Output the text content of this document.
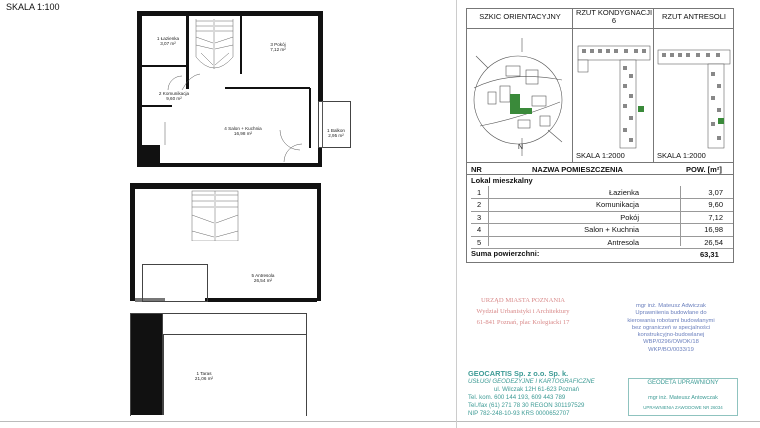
SKALA 1:100
1 Łazienka
3,07 m²
2 Komunikacja
9,60 m²
3 Pokój
7,12 m²
4 Salon + Kuchnia
16,98 m²
1 Balkon
2,95 m²
5 Antresola
26,54 m²
1 Taras
21,06 m²
SZKIC ORIENTACYJNY	RZUT KONDYGNACJI 6	RZUT ANTRESOLI
N
SKALA 1:2000	SKALA 1:2000
NR	NAZWA POMIESZCZENIA	POW. [m²]
Lokal mieszkalny
1	Łazienka	3,07
2	Komunikacja	9,60
3	Pokój	7,12
4	Salon + Kuchnia	16,98
5	Antresola	26,54
Suma powierzchni:	63,31
URZĄD MIASTA POZNANIA
Wydział Urbanistyki i Architektury
61-841 Poznań, plac Kolegiacki 17
mgr inż. Mateusz Adwiczak
Uprawniienia budowlane do
kierowania robotami budowlanymi
bez ograniczeń w specjalności
konstrukcyjno-budowlanej
WBP/0296/OWOK/18
WKP/BO/0033/19
GEOCARTIS Sp. z o.o. Sp. k.
USŁUGI GEODEZYJNE I KARTOGRAFICZNE
ul. Wilczak 12H 61-623 Poznań
Tel. kom. 600 144 193, 609 443 789
Tel./fax (61) 271 78 30 REGON 301197529
NIP 782-248-10-93 KRS 0000652707
GEODETA UPRAWNIONY
mgr inż. Mateusz Antowczak
UPRAWNIENIA ZAWODOWE NR 26034
